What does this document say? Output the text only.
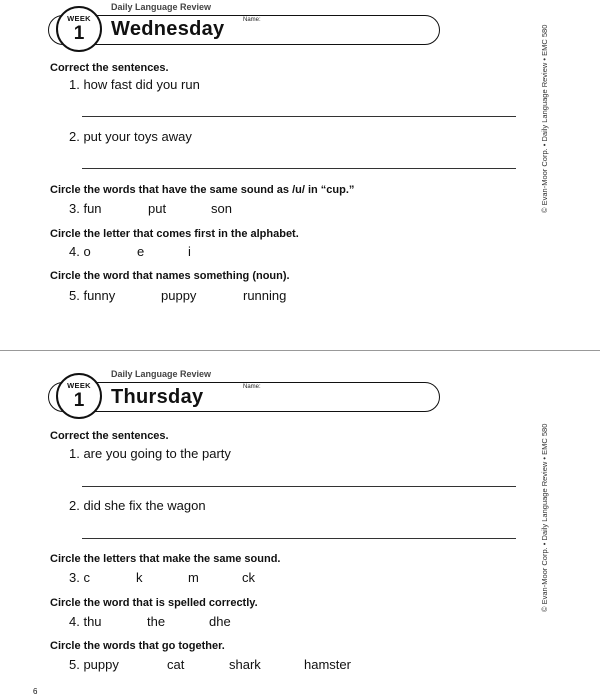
Daily Language Review
WEEK
1	Wednesday	Name:
Correct the sentences.
1. how fast did you run
2. put your toys away
Circle the words that have the same sound as /u/ in “cup.”
3. fun	put	son
Circle the letter that comes first in the alphabet.
4. o	e	i
Circle the word that names something (noun).
5. funny	puppy	running
© Evan-Moor Corp. • Daily Language Review • EMC 580
Daily Language Review
WEEK
1	Thursday	Name:
Correct the sentences.
1. are you going to the party
2. did she fix the wagon
Circle the letters that make the same sound.
3. c	k	m	ck
Circle the word that is spelled correctly.
4. thu	the	dhe
Circle the words that go together.
5. puppy	cat	shark	hamster
© Evan-Moor Corp. • Daily Language Review • EMC 580
6
